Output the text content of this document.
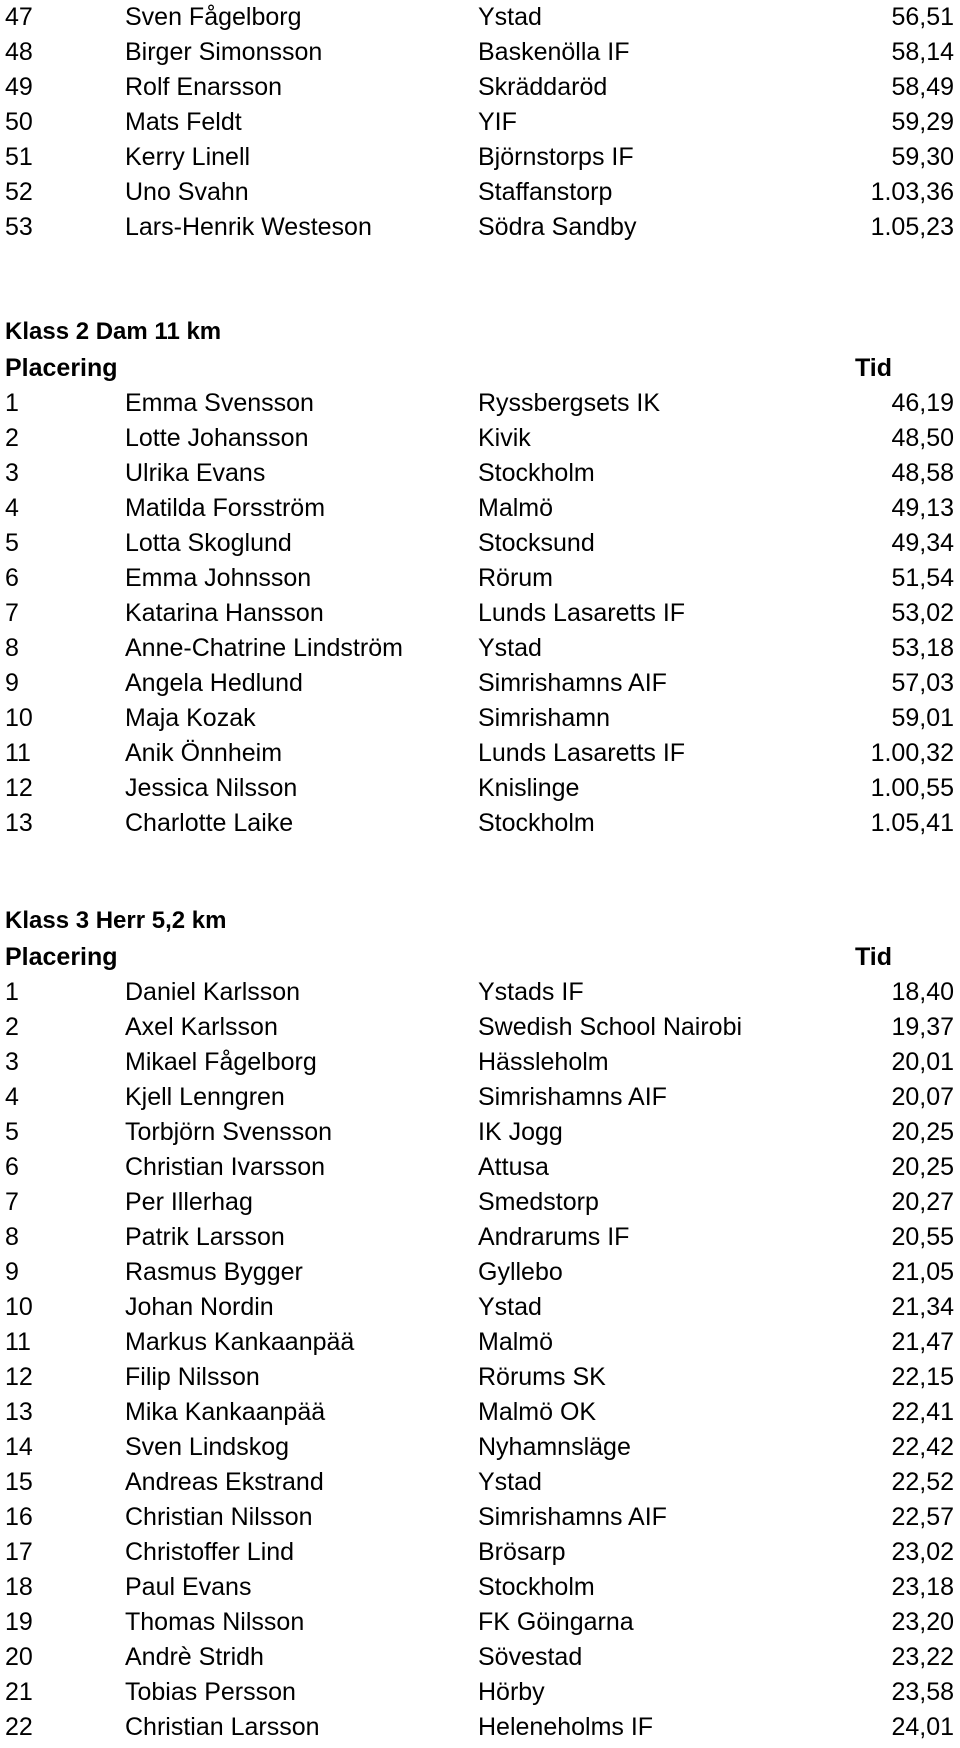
47	Sven Fågelborg	Ystad	56,51
48	Birger Simonsson	Baskenölla IF	58,14
49	Rolf Enarsson	Skräddaröd	58,49
50	Mats Feldt	YIF	59,29
51	Kerry Linell	Björnstorps IF	59,30
52	Uno Svahn	Staffanstorp	1.03,36
53	Lars-Henrik Westeson	Södra Sandby	1.05,23
Klass 2 Dam 11 km
Placering	Tid
1	Emma Svensson	Ryssbergsets IK	46,19
2	Lotte Johansson	Kivik	48,50
3	Ulrika Evans	Stockholm	48,58
4	Matilda Forsström	Malmö	49,13
5	Lotta Skoglund	Stocksund	49,34
6	Emma Johnsson	Rörum	51,54
7	Katarina Hansson	Lunds Lasaretts IF	53,02
8	Anne-Chatrine Lindström	Ystad	53,18
9	Angela Hedlund	Simrishamns AIF	57,03
10	Maja Kozak	Simrishamn	59,01
11	Anik Önnheim	Lunds Lasaretts IF	1.00,32
12	Jessica Nilsson	Knislinge	1.00,55
13	Charlotte Laike	Stockholm	1.05,41
Klass 3 Herr 5,2 km
Placering	Tid
1	Daniel Karlsson	Ystads IF	18,40
2	Axel Karlsson	Swedish School Nairobi	19,37
3	Mikael Fågelborg	Hässleholm	20,01
4	Kjell Lenngren	Simrishamns AIF	20,07
5	Torbjörn Svensson	IK Jogg	20,25
6	Christian Ivarsson	Attusa	20,25
7	Per Illerhag	Smedstorp	20,27
8	Patrik Larsson	Andrarums IF	20,55
9	Rasmus Bygger	Gyllebo	21,05
10	Johan Nordin	Ystad	21,34
11	Markus Kankaanpää	Malmö	21,47
12	Filip Nilsson	Rörums SK	22,15
13	Mika Kankaanpää	Malmö OK	22,41
14	Sven Lindskog	Nyhamnsläge	22,42
15	Andreas Ekstrand	Ystad	22,52
16	Christian Nilsson	Simrishamns AIF	22,57
17	Christoffer Lind	Brösarp	23,02
18	Paul Evans	Stockholm	23,18
19	Thomas Nilsson	FK Göingarna	23,20
20	Andrè Stridh	Sövestad	23,22
21	Tobias Persson	Hörby	23,58
22	Christian Larsson	Heleneholms IF	24,01
